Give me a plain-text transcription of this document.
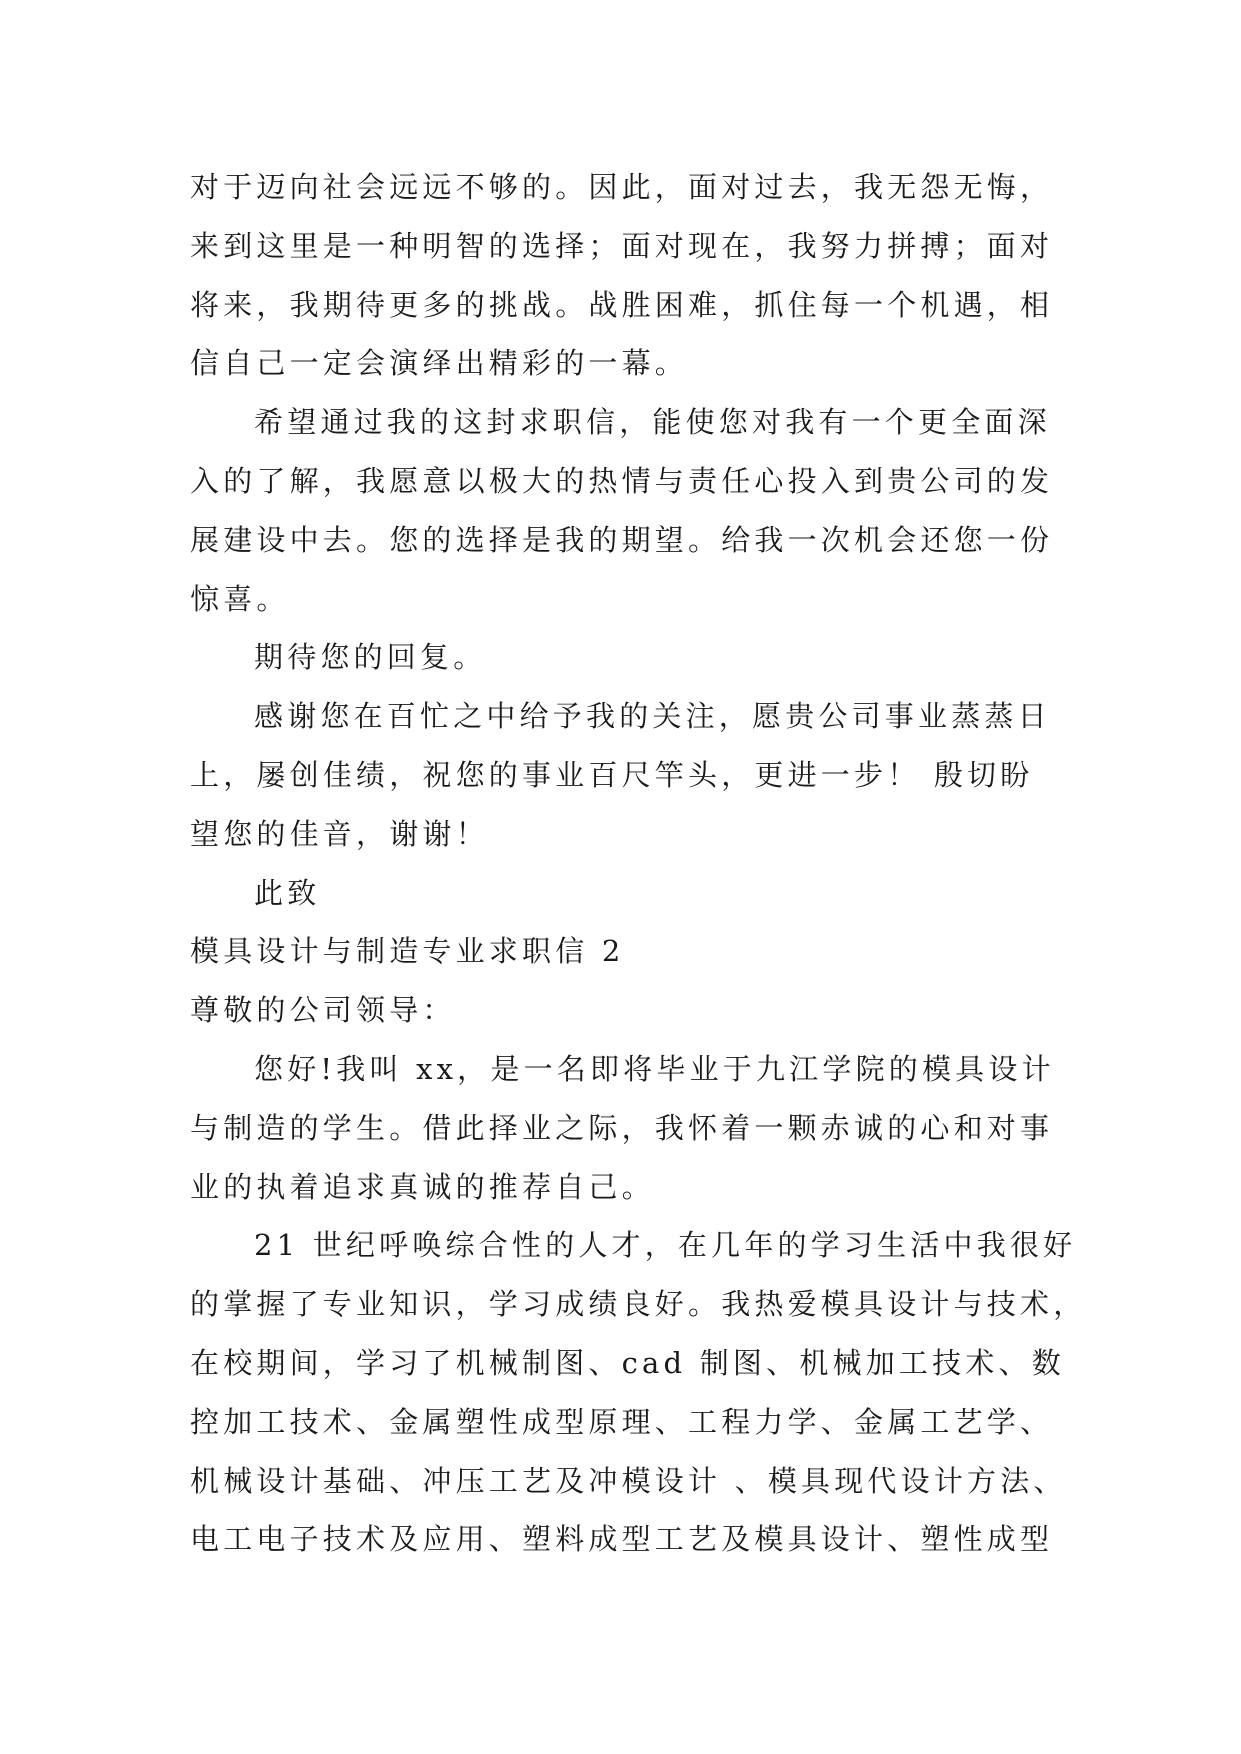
对于迈向社会远远不够的。因此，面对过去，我无怨无悔，
来到这里是一种明智的选择；面对现在，我努力拼搏；面对
将来，我期待更多的挑战。战胜困难，抓住每一个机遇，相
信自己一定会演绎出精彩的一幕。
希望通过我的这封求职信，能使您对我有一个更全面深
入的了解，我愿意以极大的热情与责任心投入到贵公司的发
展建设中去。您的选择是我的期望。给我一次机会还您一份
惊喜。
期待您的回复。
感谢您在百忙之中给予我的关注，愿贵公司事业蒸蒸日
上，屡创佳绩，祝您的事业百尺竿头，更进一步！ 殷切盼
望您的佳音，谢谢！
此致
模具设计与制造专业求职信 2
尊敬的公司领导：
您好!我叫 xx，是一名即将毕业于九江学院的模具设计
与制造的学生。借此择业之际，我怀着一颗赤诚的心和对事
业的执着追求真诚的推荐自己。
21 世纪呼唤综合性的人才，在几年的学习生活中我很好
的掌握了专业知识，学习成绩良好。我热爱模具设计与技术，
在校期间，学习了机械制图、cad 制图、机械加工技术、数
控加工技术、金属塑性成型原理、工程力学、金属工艺学、
机械设计基础、冲压工艺及冲模设计 、模具现代设计方法、
电工电子技术及应用、塑料成型工艺及模具设计、塑性成型
